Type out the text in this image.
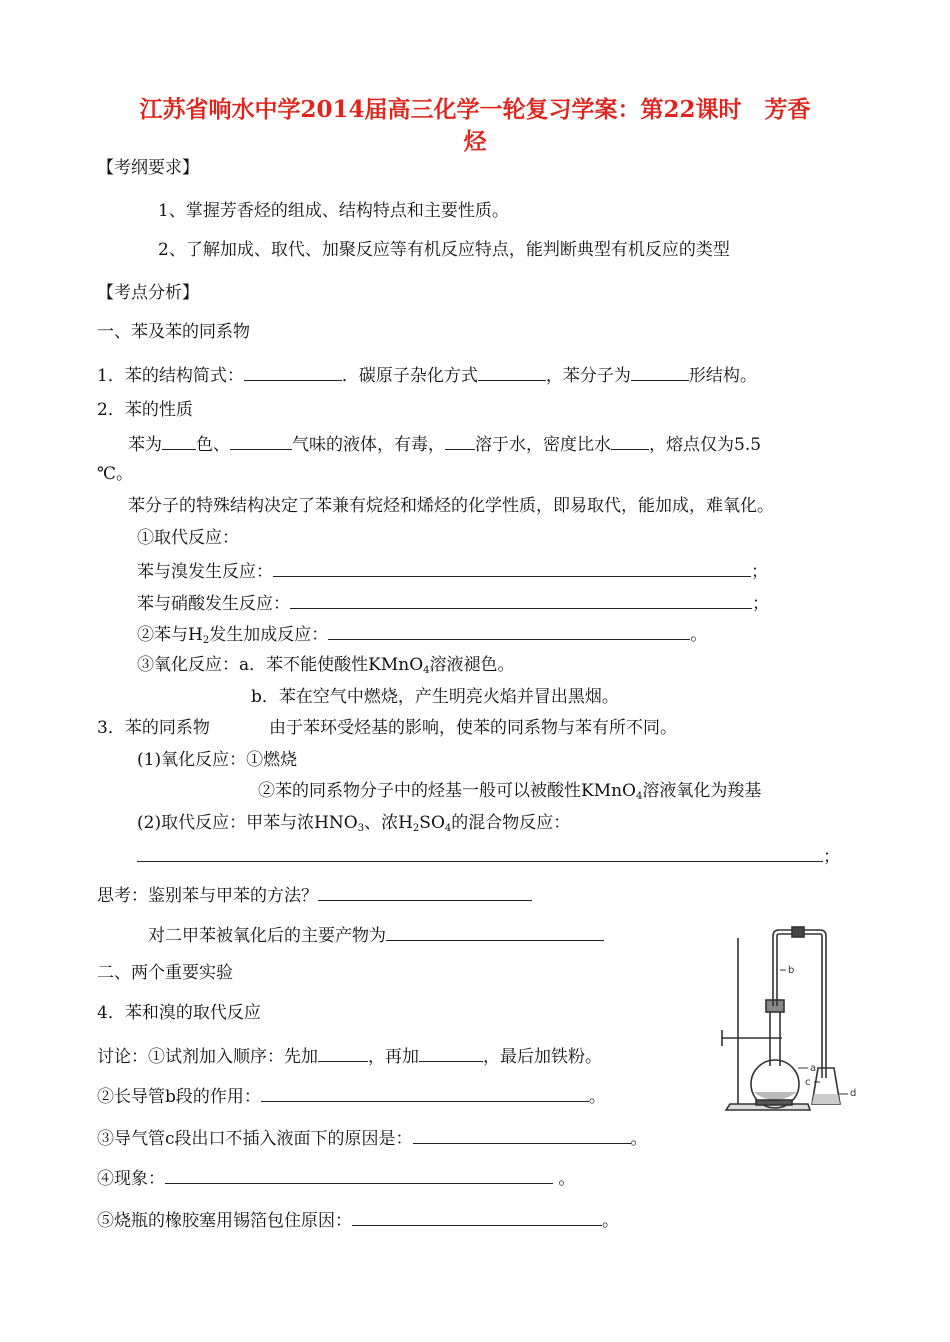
江苏省响水中学2014届高三化学一轮复习学案：第22课时　芳香
烃
【考纲要求】
1、掌握芳香烃的组成、结构特点和主要性质。
2、了解加成、取代、加聚反应等有机反应特点，能判断典型有机反应的类型
【考点分析】
一、苯及苯的同系物
1．苯的结构简式：	．碳原子杂化方式	，苯分子为	形结构。
2．苯的性质
苯为 色、	气味的液体，有毒， 溶于水，密度比水 ，熔点仅为5.5
℃。
苯分子的特殊结构决定了苯兼有烷烃和烯烃的化学性质，即易取代，能加成，难氧化。
①取代反应：
苯与溴发生反应：	；
苯与硝酸发生反应：	；
②苯与$H_2$发生加成反应：	。
③氧化反应：a．苯不能使酸性KMnO$_4$溶液褪色。
b．苯在空气中燃烧，产生明亮火焰并冒出黑烟。
3．苯的同系物	由于苯环受烃基的影响，使苯的同系物与苯有所不同。
(1)氧化反应：①燃烧
②苯的同系物分子中的烃基一般可以被酸性KMnO$_4$溶液氧化为羧基
(2)取代反应：甲苯与浓$HNO_3$、浓$H_2SO_4$的混合物反应：
；
思考：鉴别苯与甲苯的方法？
对二甲苯被氧化后的主要产物为
二、两个重要实验
4．苯和溴的取代反应
讨论：①试剂加入顺序：先加	，再加	，最后加铁粉。
②长导管b段的作用：	。
③导气管c段出口不插入液面下的原因是：	。
④现象：	。
⑤烧瓶的橡胶塞用锡箔包住原因：	。
b
a
c
d
